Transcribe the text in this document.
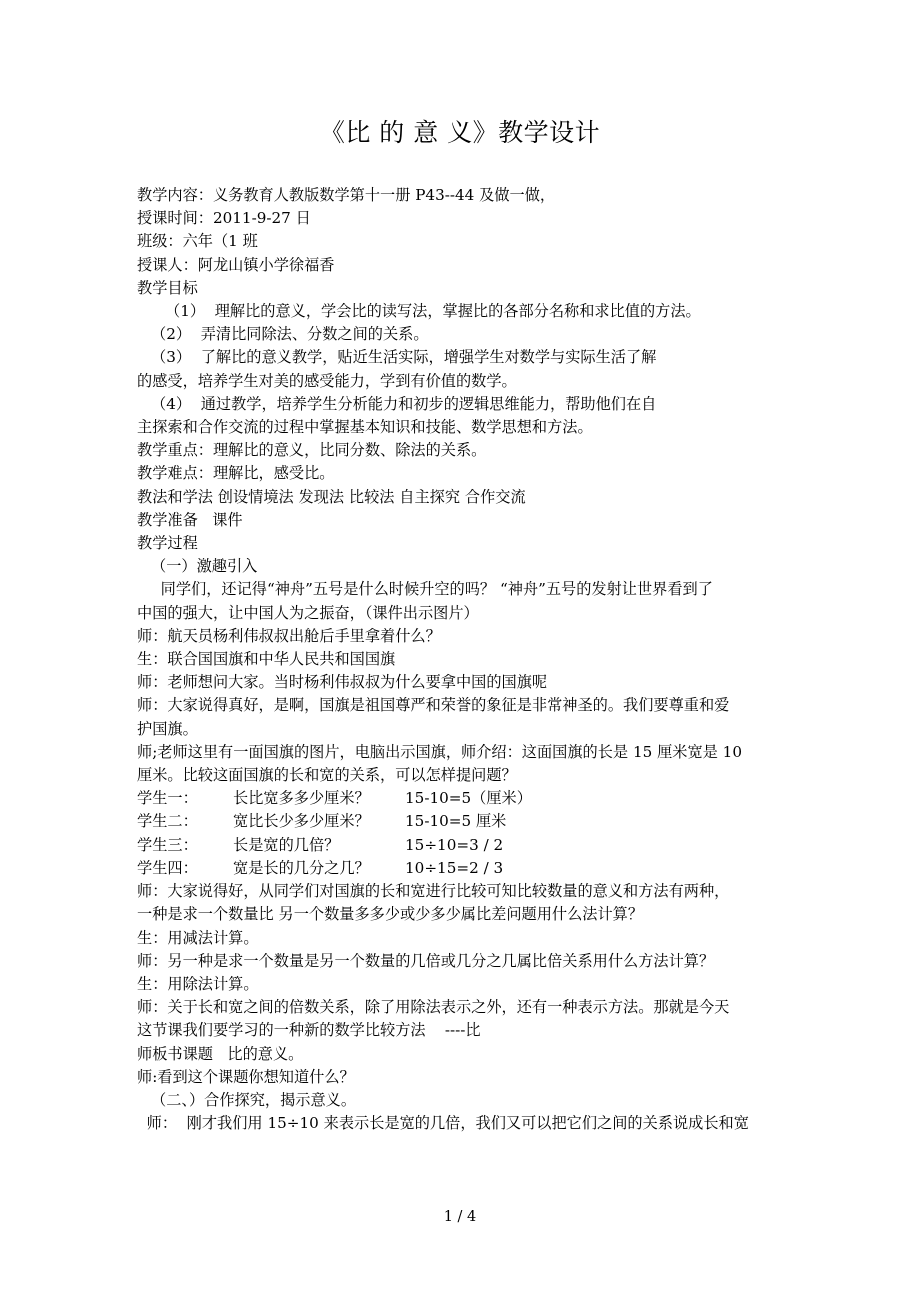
《比 的 意 义》教学设计
教学内容：义务教育人教版数学第十一册 P43--44 及做一做，
授课时间：2011-9-27 日
班级：六年（1 班
授课人：阿龙山镇小学徐福香
教学目标
（1）  理解比的意义，学会比的读写法，掌握比的各部分名称和求比值的方法。
（2）  弄清比同除法、分数之间的关系。
（3）  了解比的意义教学，贴近生活实际，增强学生对数学与实际生活了解
的感受，培养学生对美的感受能力，学到有价值的数学。
（4）  通过教学，培养学生分析能力和初步的逻辑思维能力，帮助他们在自
主探索和合作交流的过程中掌握基本知识和技能、数学思想和方法。
教学重点：理解比的意义，比同分数、除法的关系。
教学难点：理解比，感受比。
教法和学法 创设情境法 发现法 比较法 自主探究 合作交流
教学准备   课件
教学过程
（一）激趣引入
同学们，还记得“神舟”五号是什么时候升空的吗？ “神舟”五号的发射让世界看到了
中国的强大，让中国人为之振奋，（课件出示图片）
师：航天员杨利伟叔叔出舱后手里拿着什么？
生：联合国国旗和中华人民共和国国旗
师：老师想问大家。当时杨利伟叔叔为什么要拿中国的国旗呢
师：大家说得真好，是啊，国旗是祖国尊严和荣誉的象征是非常神圣的。我们要尊重和爱
护国旗。
师;老师这里有一面国旗的图片，电脑出示国旗，师介绍：这面国旗的长是 15 厘米宽是 10
厘米。比较这面国旗的长和宽的关系，可以怎样提问题？
学生一：	长比宽多多少厘米？	15-10=5（厘米）
学生二：	宽比长少多少厘米？	15-10=5 厘米
学生三：	长是宽的几倍？	15÷10=3 / 2
学生四：	宽是长的几分之几？	10÷15=2 / 3
师：大家说得好，从同学们对国旗的长和宽进行比较可知比较数量的意义和方法有两种，
一种是求一个数量比 另一个数量多多少或少多少属比差问题用什么法计算？
生：用减法计算。
师：另一种是求一个数量是另一个数量的几倍或几分之几属比倍关系用什么方法计算？
生：用除法计算。
师：关于长和宽之间的倍数关系，除了用除法表示之外，还有一种表示方法。那就是今天
这节课我们要学习的一种新的数学比较方法    ----比
师板书课题   比的意义。
师:看到这个课题你想知道什么？
（二、）合作探究，揭示意义。
师：  刚才我们用 15÷10 来表示长是宽的几倍，我们又可以把它们之间的关系说成长和宽
1 / 4
